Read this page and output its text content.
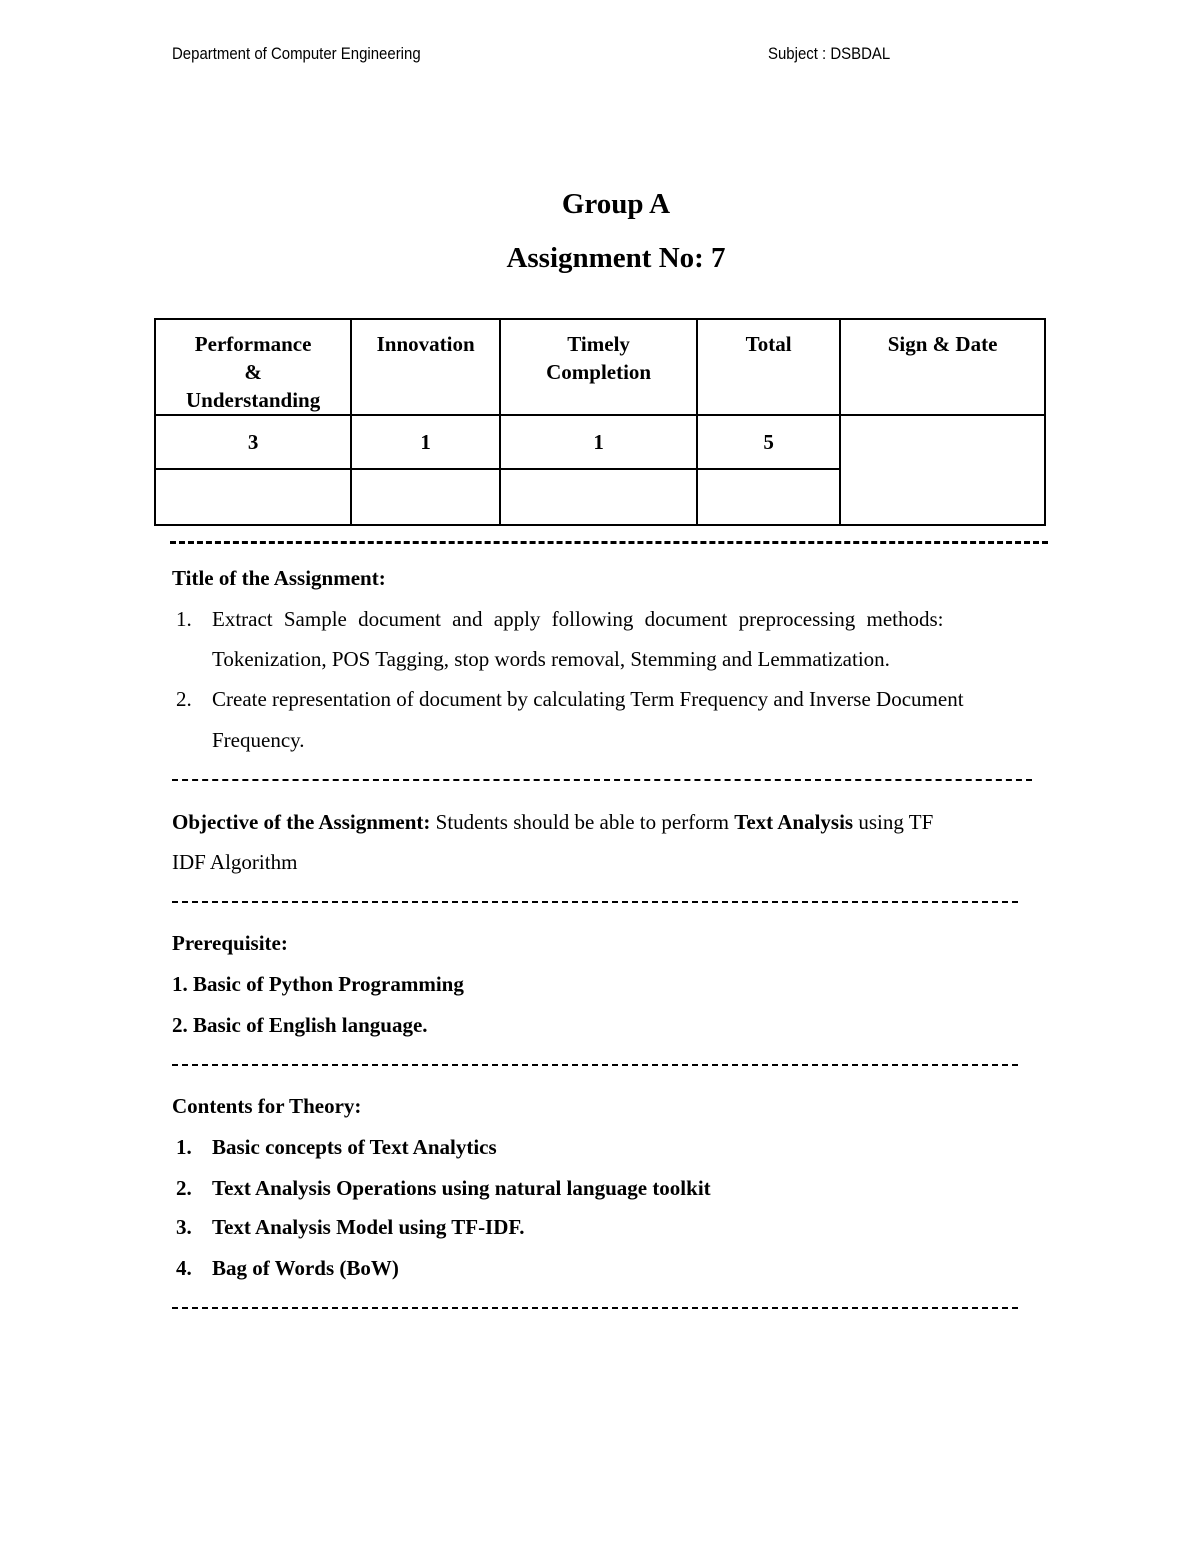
Department of Computer Engineering	Subject : DSBDAL
Group A
Assignment No: 7
Performance & Understanding	Innovation	Timely Completion	Total	Sign & Date
3	1	1	5	

Title of the Assignment:
1. Extract Sample document and apply following document preprocessing methods:
Tokenization, POS Tagging, stop words removal, Stemming and Lemmatization.
2. Create representation of document by calculating Term Frequency and Inverse Document
Frequency.
Objective of the Assignment: Students should be able to perform Text Analysis using TF
IDF Algorithm
Prerequisite:
1. Basic of Python Programming
2. Basic of English language.
Contents for Theory:
1. Basic concepts of Text Analytics
2. Text Analysis Operations using natural language toolkit
3. Text Analysis Model using TF-IDF.
4. Bag of Words (BoW)
